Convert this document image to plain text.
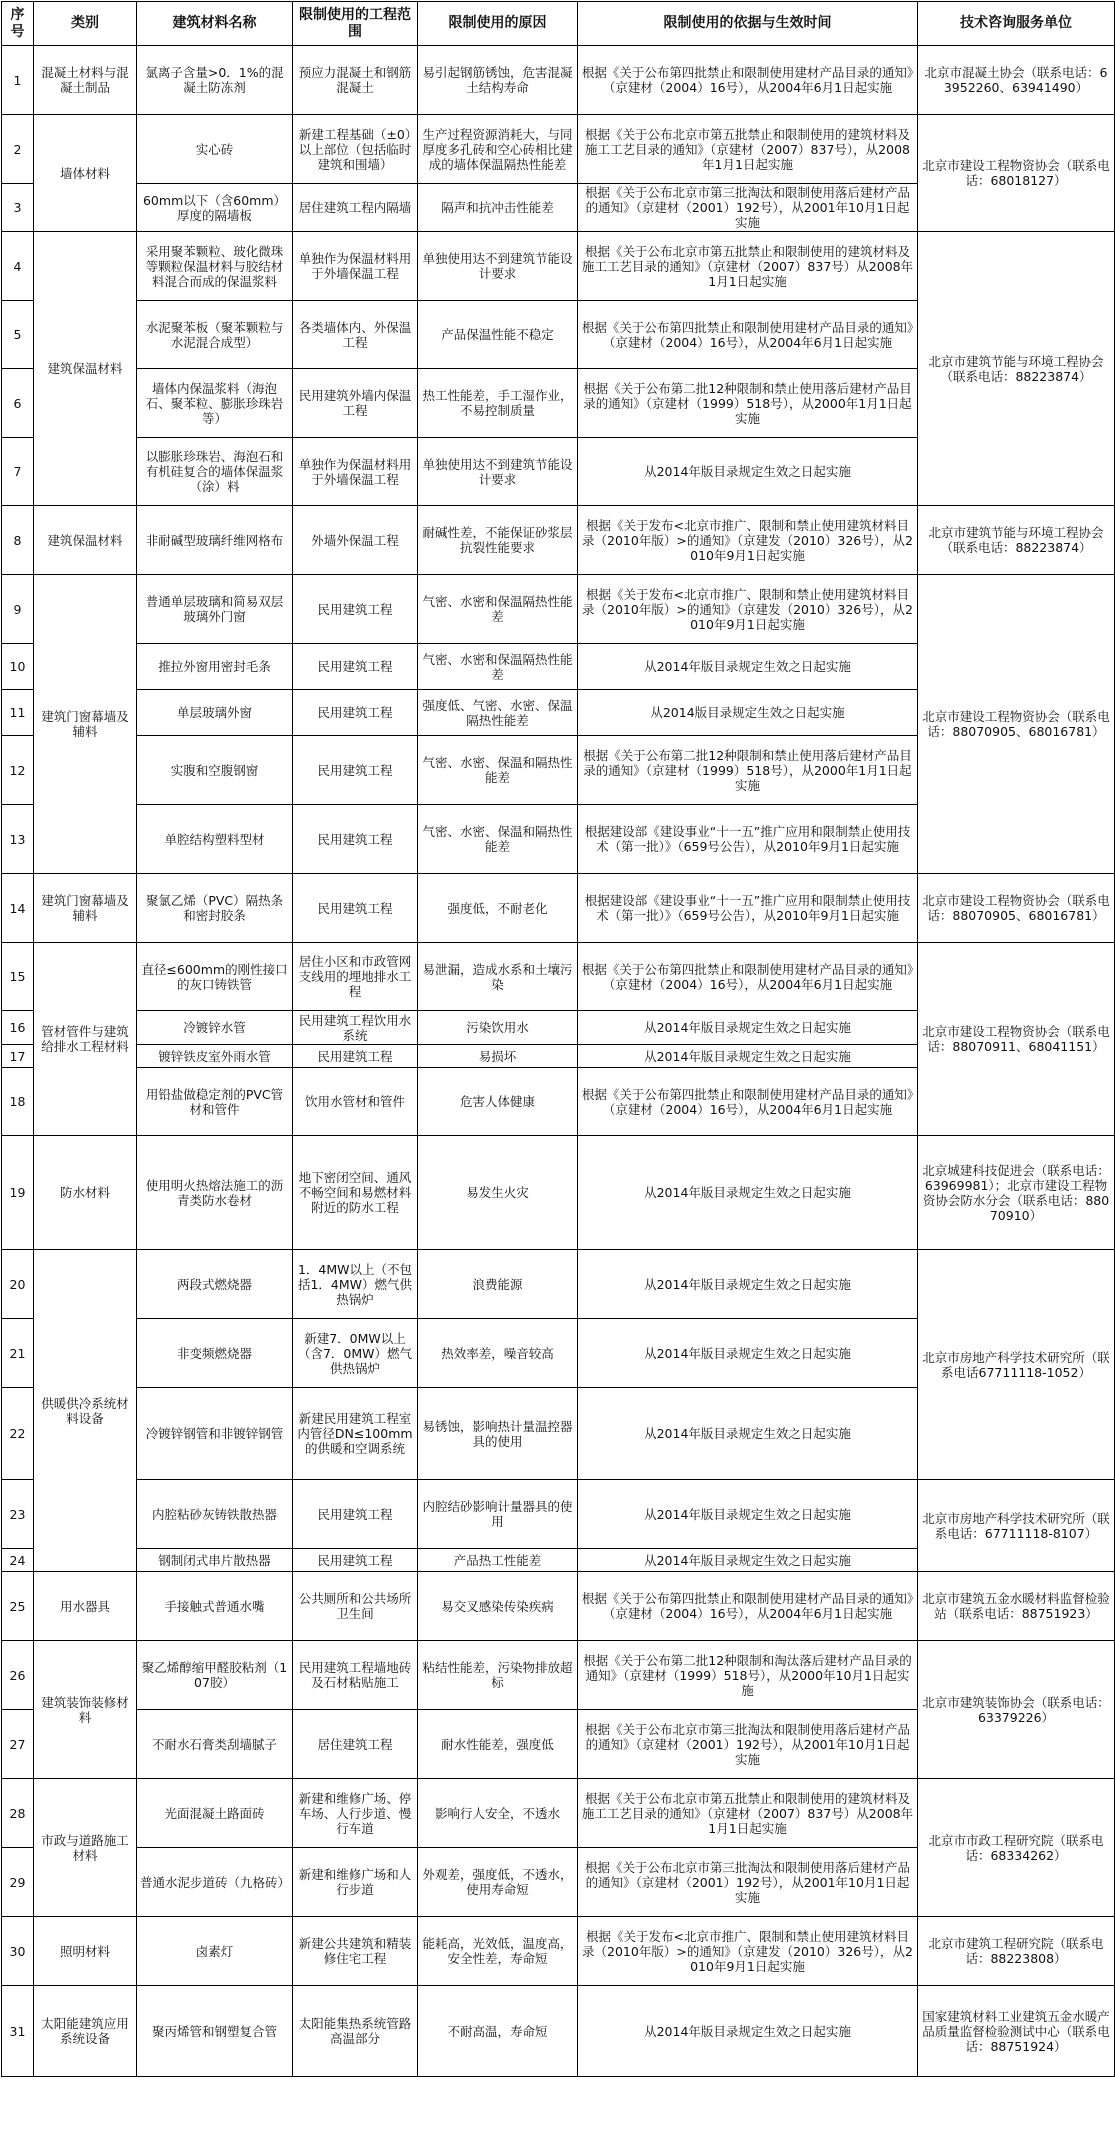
序号	类别	建筑材料名称	限制使用的工程范围	限制使用的原因	限制使用的依据与生效时间	技术咨询服务单位
1	混凝土材料与混凝土制品	氯离子含量>0．1%的混凝土防冻剂	预应力混凝土和钢筋混凝土	易引起钢筋锈蚀，危害混凝土结构寿命	根据《关于公布第四批禁止和限制使用建材产品目录的通知》（京建材（2004）16号），从2004年6月1日起实施	北京市混凝土协会（联系电话：63952260、63941490）
2	墙体材料	实心砖	新建工程基础（±0）以上部位（包括临时建筑和围墙）	生产过程资源消耗大，与同厚度多孔砖和空心砖相比建成的墙体保温隔热性能差	根据《关于公布北京市第五批禁止和限制使用的建筑材料及施工工艺目录的通知》（京建材（2007）837号），从2008年1月1日起实施	北京市建设工程物资协会（联系电话：68018127）
3		60mm以下（含60mm）厚度的隔墙板	居住建筑工程内隔墙	隔声和抗冲击性能差	根据《关于公布北京市第三批淘汰和限制使用落后建材产品的通知》（京建材（2001）192号），从2001年10月1日起实施	
4	建筑保温材料	采用聚苯颗粒、玻化微珠等颗粒保温材料与胶结材料混合而成的保温浆料	单独作为保温材料用于外墙保温工程	单独使用达不到建筑节能设计要求	根据《关于公布北京市第五批禁止和限制使用的建筑材料及施工工艺目录的通知》（京建材（2007）837号）从2008年1月1日起实施	北京市建筑节能与环境工程协会（联系电话：88223874）
5		水泥聚苯板（聚苯颗粒与水泥混合成型）	各类墙体内、外保温工程	产品保温性能不稳定	根据《关于公布第四批禁止和限制使用建材产品目录的通知》（京建材（2004）16号），从2004年6月1日起实施	
6		墙体内保温浆料（海泡石、聚苯粒、膨胀珍珠岩等）	民用建筑外墙内保温工程	热工性能差，手工湿作业，不易控制质量	根据《关于公布第二批12种限制和禁止使用落后建材产品目录的通知》（京建材（1999）518号），从2000年1月1日起实施	
7		以膨胀珍珠岩、海泡石和有机硅复合的墙体保温浆（涂）料	单独作为保温材料用于外墙保温工程	单独使用达不到建筑节能设计要求	从2014年版目录规定生效之日起实施	
8	建筑保温材料	非耐碱型玻璃纤维网格布	外墙外保温工程	耐碱性差，不能保证砂浆层抗裂性能要求	根据《关于发布<北京市推广、限制和禁止使用建筑材料目录（2010年版）>的通知》（京建发（2010）326号），从2010年9月1日起实施	北京市建筑节能与环境工程协会（联系电话：88223874）
9	建筑门窗幕墙及辅料	普通单层玻璃和简易双层玻璃外门窗	民用建筑工程	气密、水密和保温隔热性能差	根据《关于发布<北京市推广、限制和禁止使用建筑材料目录（2010年版）>的通知》（京建发（2010）326号），从2010年9月1日起实施	北京市建设工程物资协会（联系电话：88070905、68016781）
10		推拉外窗用密封毛条	民用建筑工程	气密、水密和保温隔热性能差	从2014年版目录规定生效之日起实施	
11		单层玻璃外窗	民用建筑工程	强度低、气密、水密、保温隔热性能差	从2014版目录规定生效之日起实施	
12		实腹和空腹钢窗	民用建筑工程	气密、水密、保温和隔热性能差	根据《关于公布第二批12种限制和禁止使用落后建材产品目录的通知》（京建材（1999）518号），从2000年1月1日起实施	
13		单腔结构塑料型材	民用建筑工程	气密、水密、保温和隔热性能差	根据建设部《建设事业“十一五”推广应用和限制禁止使用技术（第一批）》（659号公告），从2010年9月1日起实施	
14	建筑门窗幕墙及辅料	聚氯乙烯（PVC）隔热条和密封胶条	民用建筑工程	强度低，不耐老化	根据建设部《建设事业“十一五”推广应用和限制禁止使用技术（第一批）》（659号公告），从2010年9月1日起实施	北京市建设工程物资协会（联系电话：88070905、68016781）
15	管材管件与建筑给排水工程材料	直径≤600mm的刚性接口的灰口铸铁管	居住小区和市政管网支线用的埋地排水工程	易泄漏，造成水系和土壤污染	根据《关于公布第四批禁止和限制使用建材产品目录的通知》（京建材（2004）16号），从2004年6月1日起实施	北京市建设工程物资协会（联系电话：88070911、68041151）
16		冷镀锌水管	民用建筑工程饮用水系统	污染饮用水	从2014年版目录规定生效之日起实施	
17		镀锌铁皮室外雨水管	民用建筑工程	易损坏	从2014年版目录规定生效之日起实施	
18		用铅盐做稳定剂的PVC管材和管件	饮用水管材和管件	危害人体健康	根据《关于公布第四批禁止和限制使用建材产品目录的通知》（京建材（2004）16号），从2004年6月1日起实施	
19	防水材料	使用明火热熔法施工的沥青类防水卷材	地下密闭空间、通风不畅空间和易燃材料附近的防水工程	易发生火灾	从2014年版目录规定生效之日起实施	北京城建科技促进会（联系电话：63969981）；北京市建设工程物资协会防水分会（联系电话：88070910）
20	供暖供冷系统材料设备	两段式燃烧器	1．4MW以上（不包括1．4MW）燃气供热锅炉	浪费能源	从2014年版目录规定生效之日起实施	北京市房地产科学技术研究所（联系电话67711118-1052）
21		非变频燃烧器	新建7．0MW以上（含7．0MW）燃气供热锅炉	热效率差，噪音较高	从2014年版目录规定生效之日起实施	
22		冷镀锌钢管和非镀锌钢管	新建民用建筑工程室内管径DN≤100mm的供暖和空调系统	易锈蚀，影响热计量温控器具的使用	从2014年版目录规定生效之日起实施	
23		内腔粘砂灰铸铁散热器	民用建筑工程	内腔结砂影响计量器具的使用	从2014年版目录规定生效之日起实施	北京市房地产科学技术研究所（联系电话：67711118-8107）
24		钢制闭式串片散热器	民用建筑工程	产品热工性能差	从2014年版目录规定生效之日起实施	
25	用水器具	手接触式普通水嘴	公共厕所和公共场所卫生间	易交叉感染传染疾病	根据《关于公布第四批禁止和限制使用建材产品目录的通知》（京建材（2004）16号），从2004年6月1日起实施	北京市建筑五金水暖材料监督检验站（联系电话：88751923）
26	建筑装饰装修材料	聚乙烯醇缩甲醛胶粘剂（107胶）	民用建筑工程墙地砖及石材粘贴施工	粘结性能差，污染物排放超标	根据《关于公布第二批12种限制和淘汰落后建材产品目录的通知》（京建材（1999）518号），从2000年10月1日起实施	北京市建筑装饰协会（联系电话：63379226）
27		不耐水石膏类刮墙腻子	居住建筑工程	耐水性能差，强度低	根据《关于公布北京市第三批淘汰和限制使用落后建材产品的通知》（京建材（2001）192号），从2001年10月1日起实施	
28	市政与道路施工材料	光面混凝土路面砖	新建和维修广场、停车场、人行步道、慢行车道	影响行人安全，不透水	根据《关于公布北京市第五批禁止和限制使用的建筑材料及施工工艺目录的通知》（京建材（2007）837号）从2008年1月1日起实施	北京市市政工程研究院（联系电话：68334262）
29		普通水泥步道砖（九格砖）	新建和维修广场和人行步道	外观差，强度低，不透水，使用寿命短	根据《关于公布北京市第三批淘汰和限制使用落后建材产品的通知》（京建材（2001）192号），从2001年10月1日起实施	
30	照明材料	卤素灯	新建公共建筑和精装修住宅工程	能耗高，光效低，温度高，安全性差，寿命短	根据《关于发布<北京市推广、限制和禁止使用建筑材料目录（2010年版）>的通知》（京建发（2010）326号），从2010年9月1日起实施	北京市建筑工程研究院（联系电话：88223808）
31	太阳能建筑应用系统设备	聚丙烯管和钢塑复合管	太阳能集热系统管路高温部分	不耐高温，寿命短	从2014年版目录规定生效之日起实施	国家建筑材料工业建筑五金水暖产品质量监督检验测试中心（联系电话：88751924）
